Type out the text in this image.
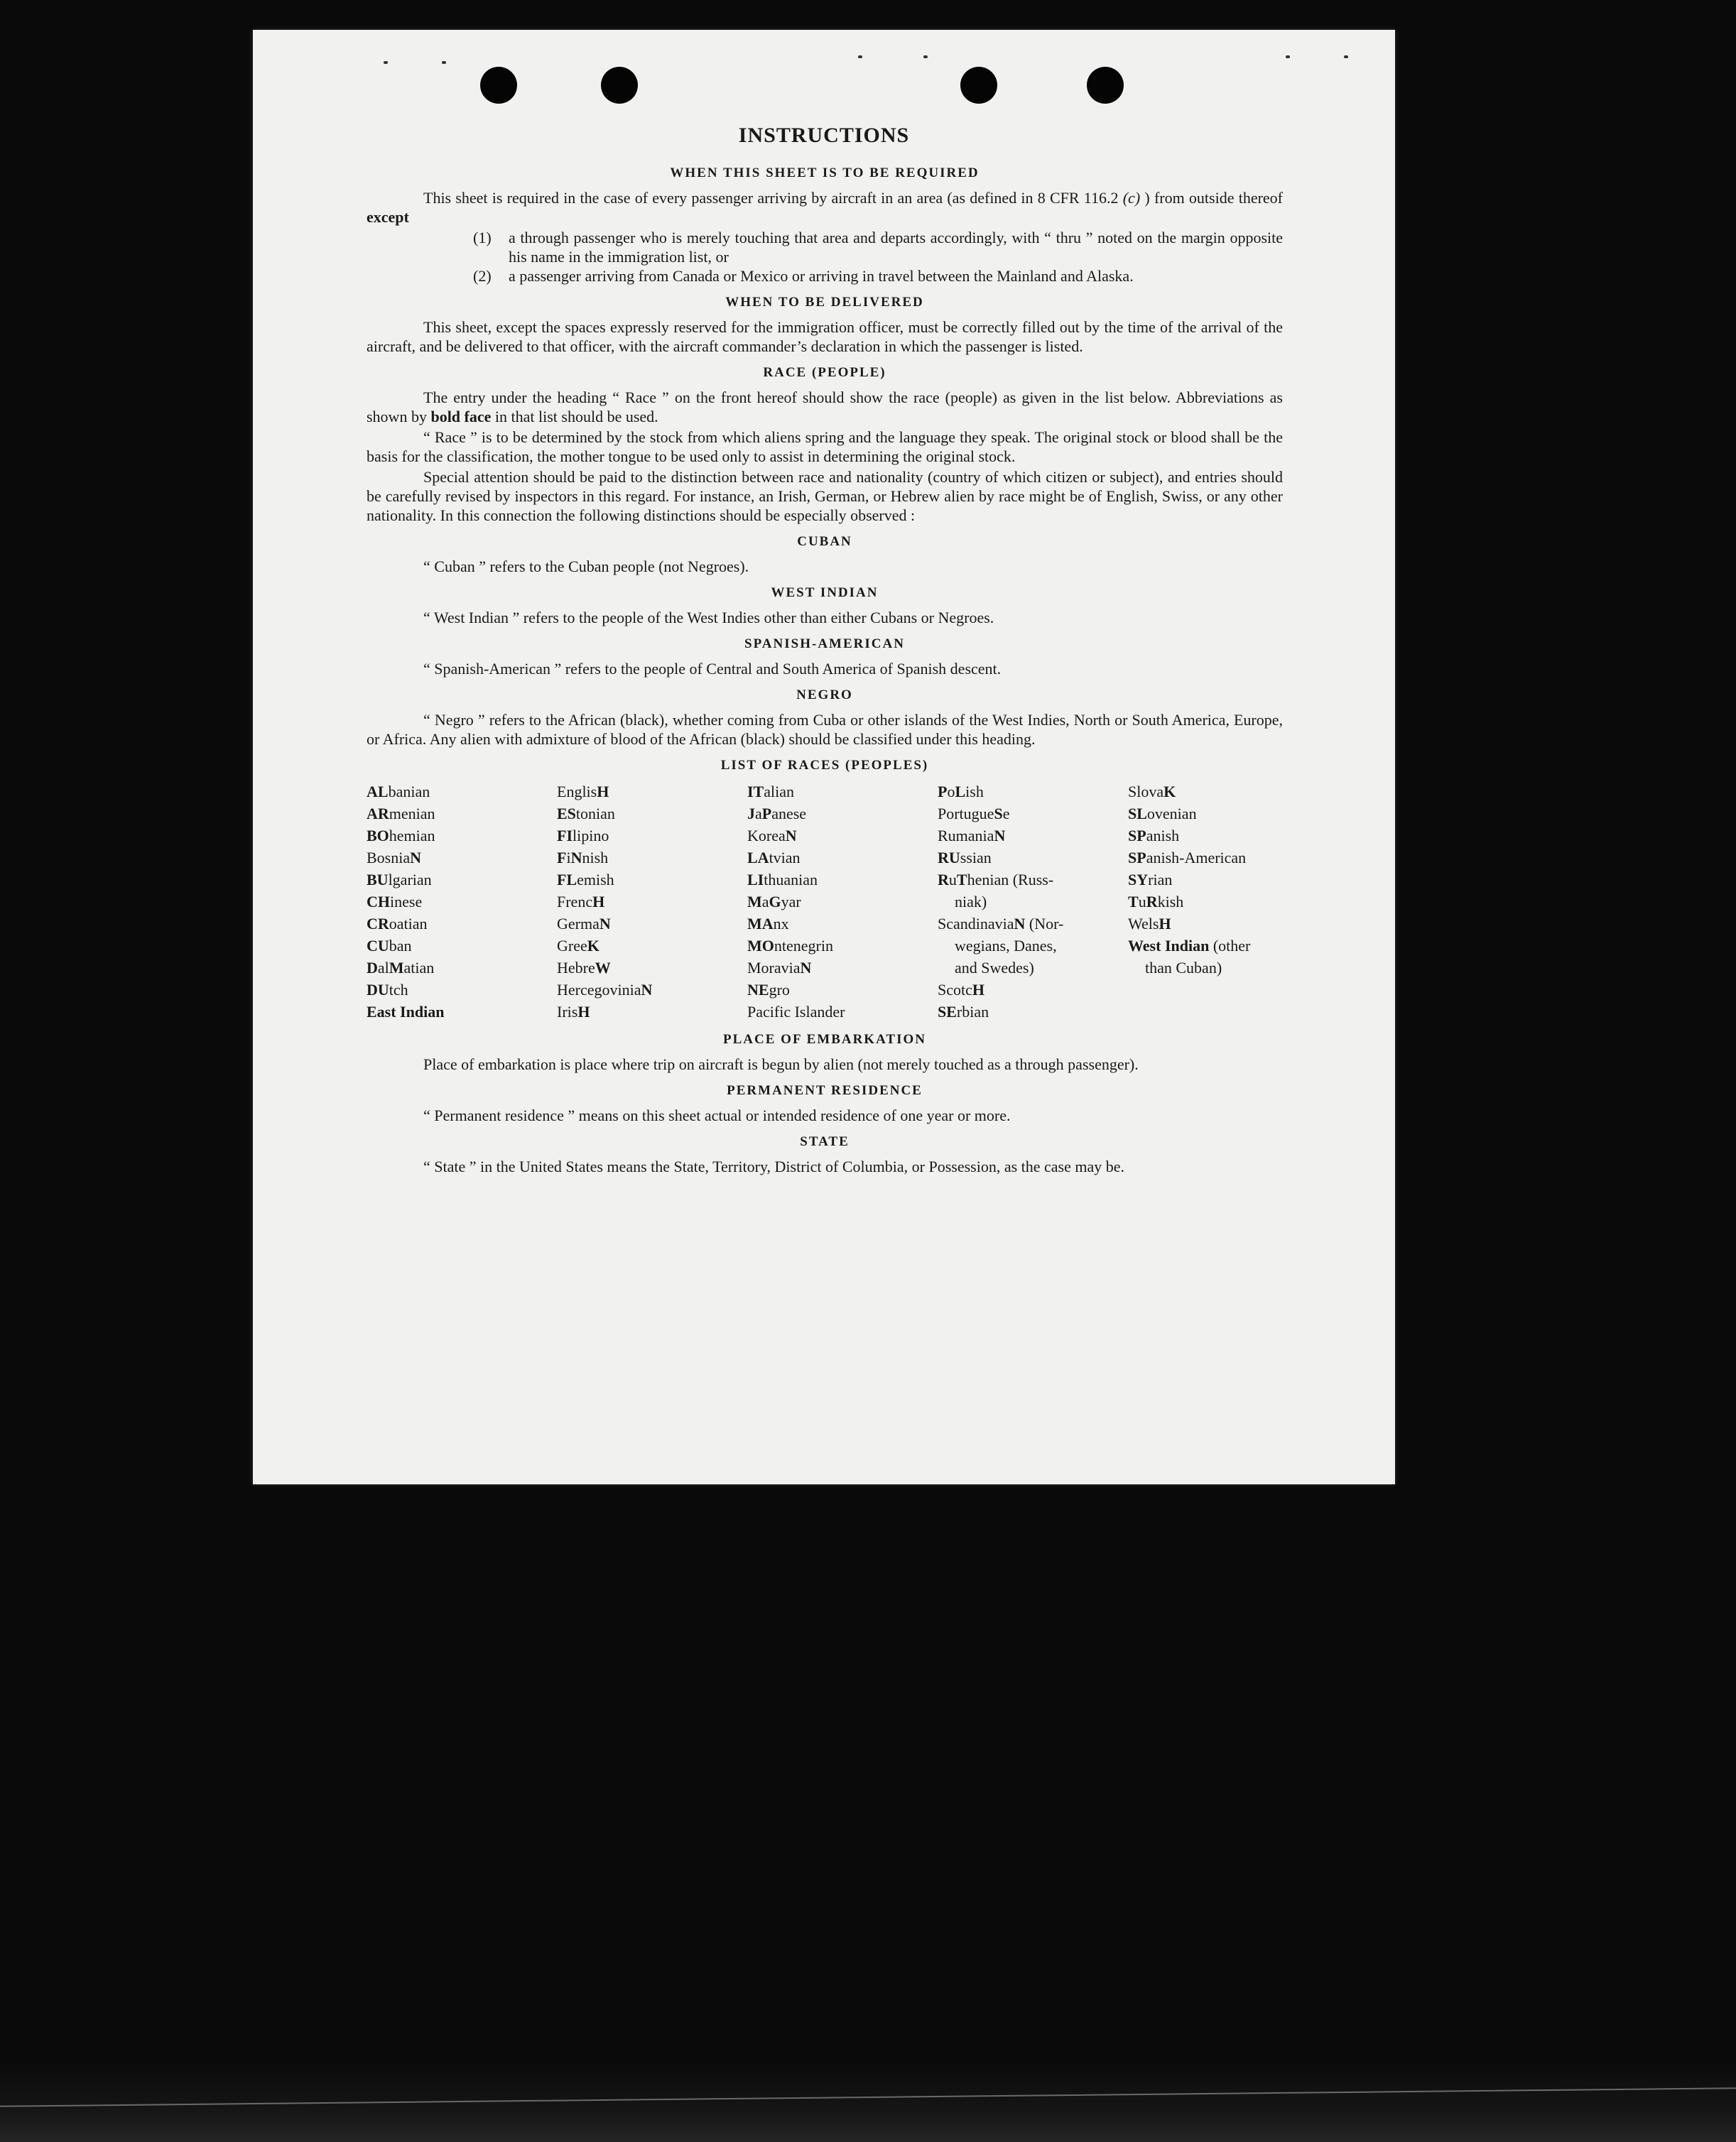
INSTRUCTIONS
WHEN THIS SHEET IS TO BE REQUIRED
This sheet is required in the case of every passenger arriving by aircraft in an area (as defined in 8 CFR 116.2 (c) ) from outside thereof except
(1)	a through passenger who is merely touching that area and departs accordingly, with “ thru ” noted on the margin opposite his name in the immigration list, or
(2)	a passenger arriving from Canada or Mexico or arriving in travel between the Mainland and Alaska.
WHEN TO BE DELIVERED
This sheet, except the spaces expressly reserved for the immigration officer, must be correctly filled out by the time of the arrival of the aircraft, and be delivered to that officer, with the aircraft commander’s declaration in which the passenger is listed.
RACE (PEOPLE)
The entry under the heading “ Race ” on the front hereof should show the race (people) as given in the list below. Abbreviations as shown by bold face in that list should be used.
“ Race ” is to be determined by the stock from which aliens spring and the language they speak. The original stock or blood shall be the basis for the classification, the mother tongue to be used only to assist in determining the original stock.
Special attention should be paid to the distinction between race and nationality (country of which citizen or subject), and entries should be carefully revised by inspectors in this regard. For instance, an Irish, German, or Hebrew alien by race might be of English, Swiss, or any other nationality. In this connection the following distinctions should be especially observed :
CUBAN
“ Cuban ” refers to the Cuban people (not Negroes).
WEST INDIAN
“ West Indian ” refers to the people of the West Indies other than either Cubans or Negroes.
SPANISH-AMERICAN
“ Spanish-American ” refers to the people of Central and South America of Spanish descent.
NEGRO
“ Negro ” refers to the African (black), whether coming from Cuba or other islands of the West Indies, North or South America, Europe, or Africa. Any alien with admixture of blood of the African (black) should be classified under this heading.
LIST OF RACES (PEOPLES)
ALbanian
ARmenian
BOhemian
BosniaN
BUlgarian
CHinese
CRoatian
CUban
DalMatian
DUtch
East Indian
EnglisH
EStonian
FIlipino
FiNnish
FLemish
FrencH
GermaN
GreeK
HebreW
HercegoviniaN
IrisH
ITalian
JaPanese
KoreaN
LAtvian
LIthuanian
MaGyar
MAnx
MOntenegrin
MoraviaN
NEgro
Pacific Islander
PoLish
PortugueSe
RumaniaN
RUssian
RuThenian (Russ-
niak)
ScandinaviaN (Nor-
wegians, Danes,
and Swedes)
ScotcH
SErbian
SlovaK
SLovenian
SPanish
SPanish-American
SYrian
TuRkish
WelsH
West Indian (other
than Cuban)
PLACE OF EMBARKATION
Place of embarkation is place where trip on aircraft is begun by alien (not merely touched as a through passenger).
PERMANENT RESIDENCE
“ Permanent residence ” means on this sheet actual or intended residence of one year or more.
STATE
“ State ” in the United States means the State, Territory, District of Columbia, or Possession, as the case may be.
